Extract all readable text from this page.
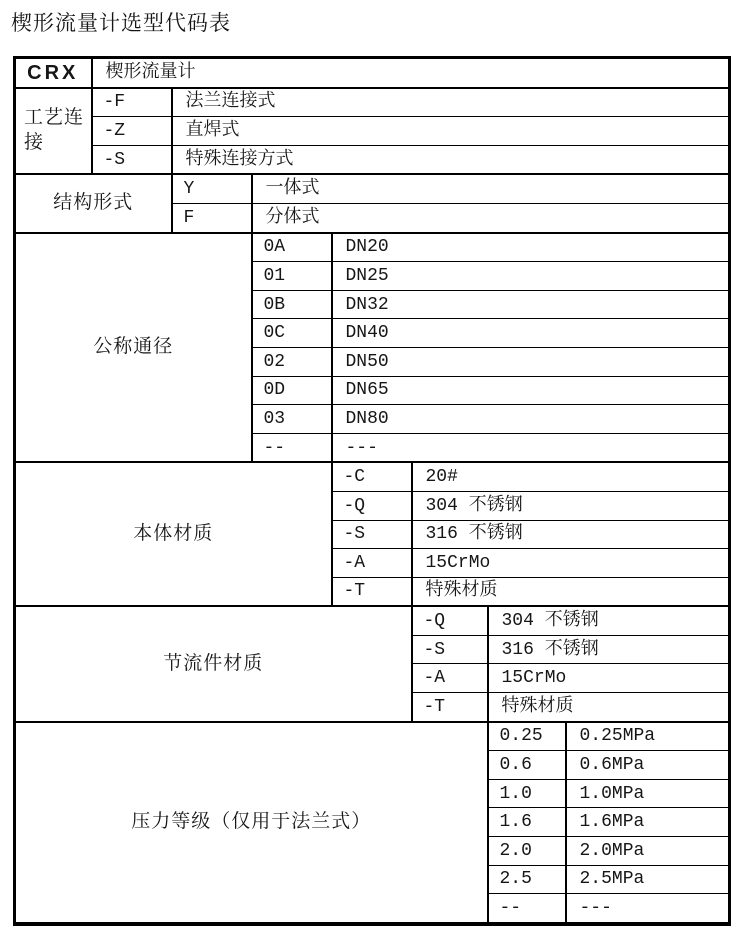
楔形流量计选型代码表
CRX	楔形流量计						
工艺连接	-F	法兰连接式					
	-Z	直焊式					
	-S	特殊连接方式					
结构形式		Y	一体式				
		F	分体式				
公称通径			0A	DN20			
			01	DN25			
			0B	DN32			
			0C	DN40			
			02	DN50			
			0D	DN65			
			03	DN80			
			--	---			
本体材质				-C	20#		
				-Q	304 不锈钢		
				-S	316 不锈钢		
				-A	15CrMo		
				-T	特殊材质		
节流件材质					-Q	304 不锈钢	
					-S	316 不锈钢	
					-A	15CrMo	
					-T	特殊材质	
压力等级（仅用于法兰式）						0.25	0.25MPa
						0.6	0.6MPa
						1.0	1.0MPa
						1.6	1.6MPa
						2.0	2.0MPa
						2.5	2.5MPa
						--	---
